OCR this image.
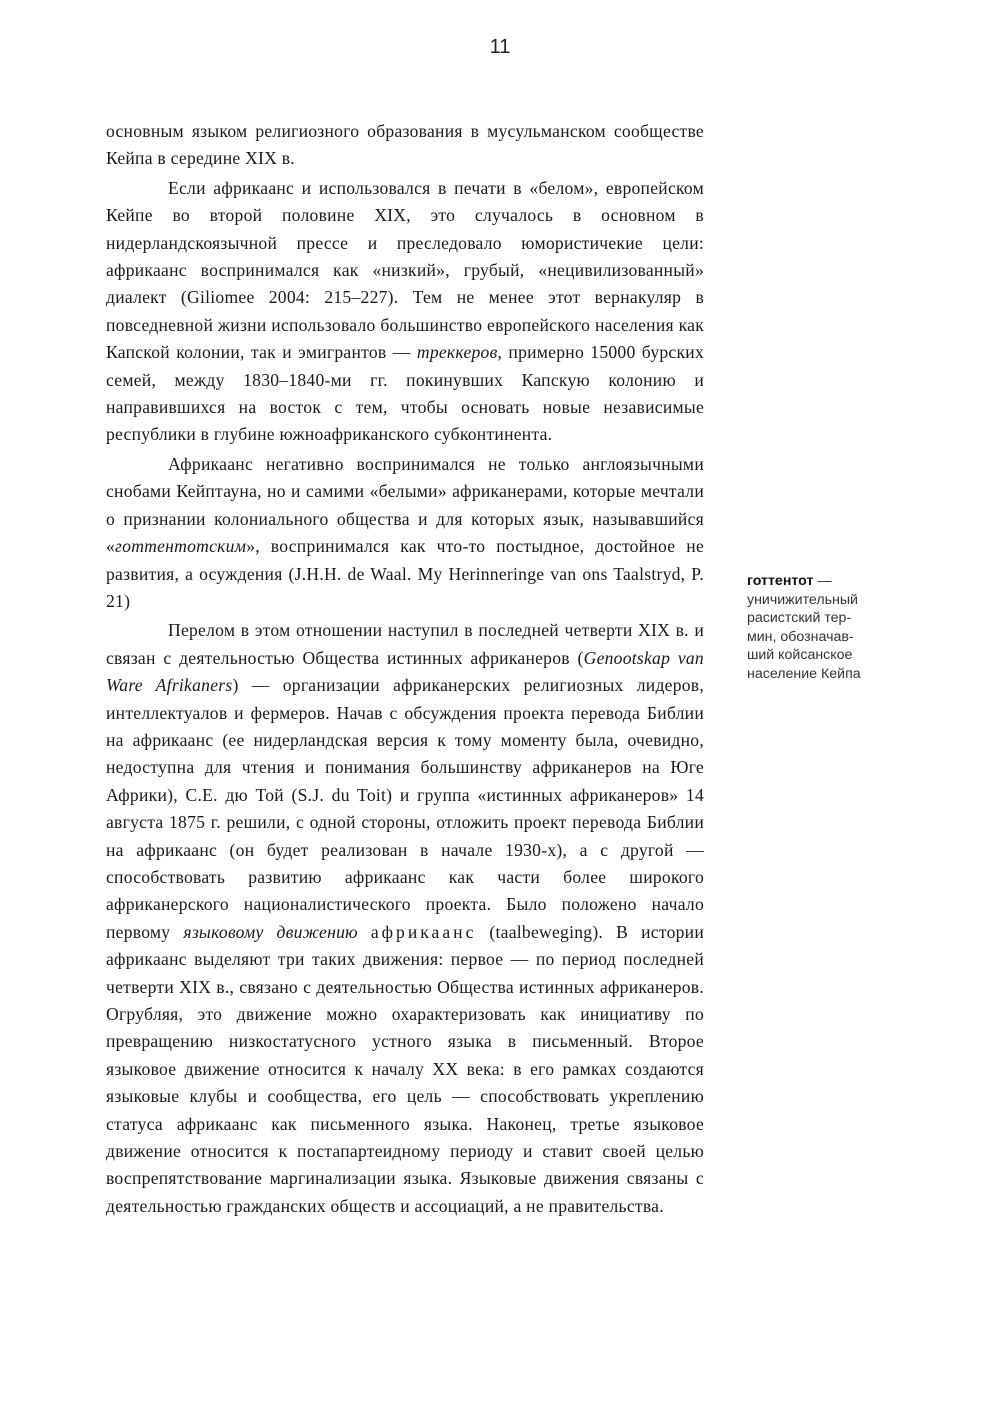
11

основным языком религиозного образования в мусульманском сообществе Кейпа в середине XIX в.

Если африкаанс и использовался в печати в «белом», европейском Кейпе во второй половине XIX, это случалось в основном в нидерландскоязычной прессе и преследовало юмористичекие цели: африкаанс воспринимался как «низкий», грубый, «нецивилизованный» диалект (Giliomee 2004: 215–227). Тем не менее этот вернакуляр в повседневной жизни использовало большинство европейского населения как Капской колонии, так и эмигрантов — треккеров, примерно 15000 бурских семей, между 1830–1840-ми гг. покинувших Капскую колонию и направившихся на восток с тем, чтобы основать новые независимые республики в глубине южноафриканского субконтинента.

Африкаанс негативно воспринимался не только англоязычными снобами Кейптауна, но и самими «белыми» африканерами, которые мечтали о признании колониального общества и для которых язык, называвшийся «готтентотским», воспринимался как что-то постыдное, достойное не развития, а осуждения (J.H.H. de Waal. My Herinneringe van ons Taalstryd, P. 21)

Перелом в этом отношении наступил в последней четверти XIX в. и связан с деятельностью Общества истинных африканеров (Genootskap van Ware Afrikaners) — организации африканерских религиозных лидеров, интеллектуалов и фермеров. Начав с обсуждения проекта перевода Библии на африкаанс (ее нидерландская версия к тому моменту была, очевидно, недоступна для чтения и понимания большинству африканеров на Юге Африки), С.Е. дю Той (S.J. du Toit) и группа «истинных африканеров» 14 августа 1875 г. решили, с одной стороны, отложить проект перевода Библии на африкаанс (он будет реализован в начале 1930-х), а с другой — способствовать развитию африкаанс как части более широкого африканерского националистического проекта. Было положено начало первому языковому движению африкаанс (taalbeweging). В истории африкаанс выделяют три таких движения: первое — по период последней четверти XIX в., связано с деятельностью Общества истинных африканеров. Огрубляя, это движение можно охарактеризовать как инициативу по превращению низкостатусного устного языка в письменный. Второе языковое движение относится к началу XX века: в его рамках создаются языковые клубы и сообщества, его цель — способствовать укреплению статуса африкаанс как письменного языка. Наконец, третье языковое движение относится к постапартеидному периоду и ставит своей целью воспрепятствование маргинализации языка. Языковые движения связаны с деятельностью гражданских обществ и ассоциаций, а не правительства.

готтентот —
уничижительный
расистский тер-
мин, обозначав-
ший койсанское
население Кейпа
